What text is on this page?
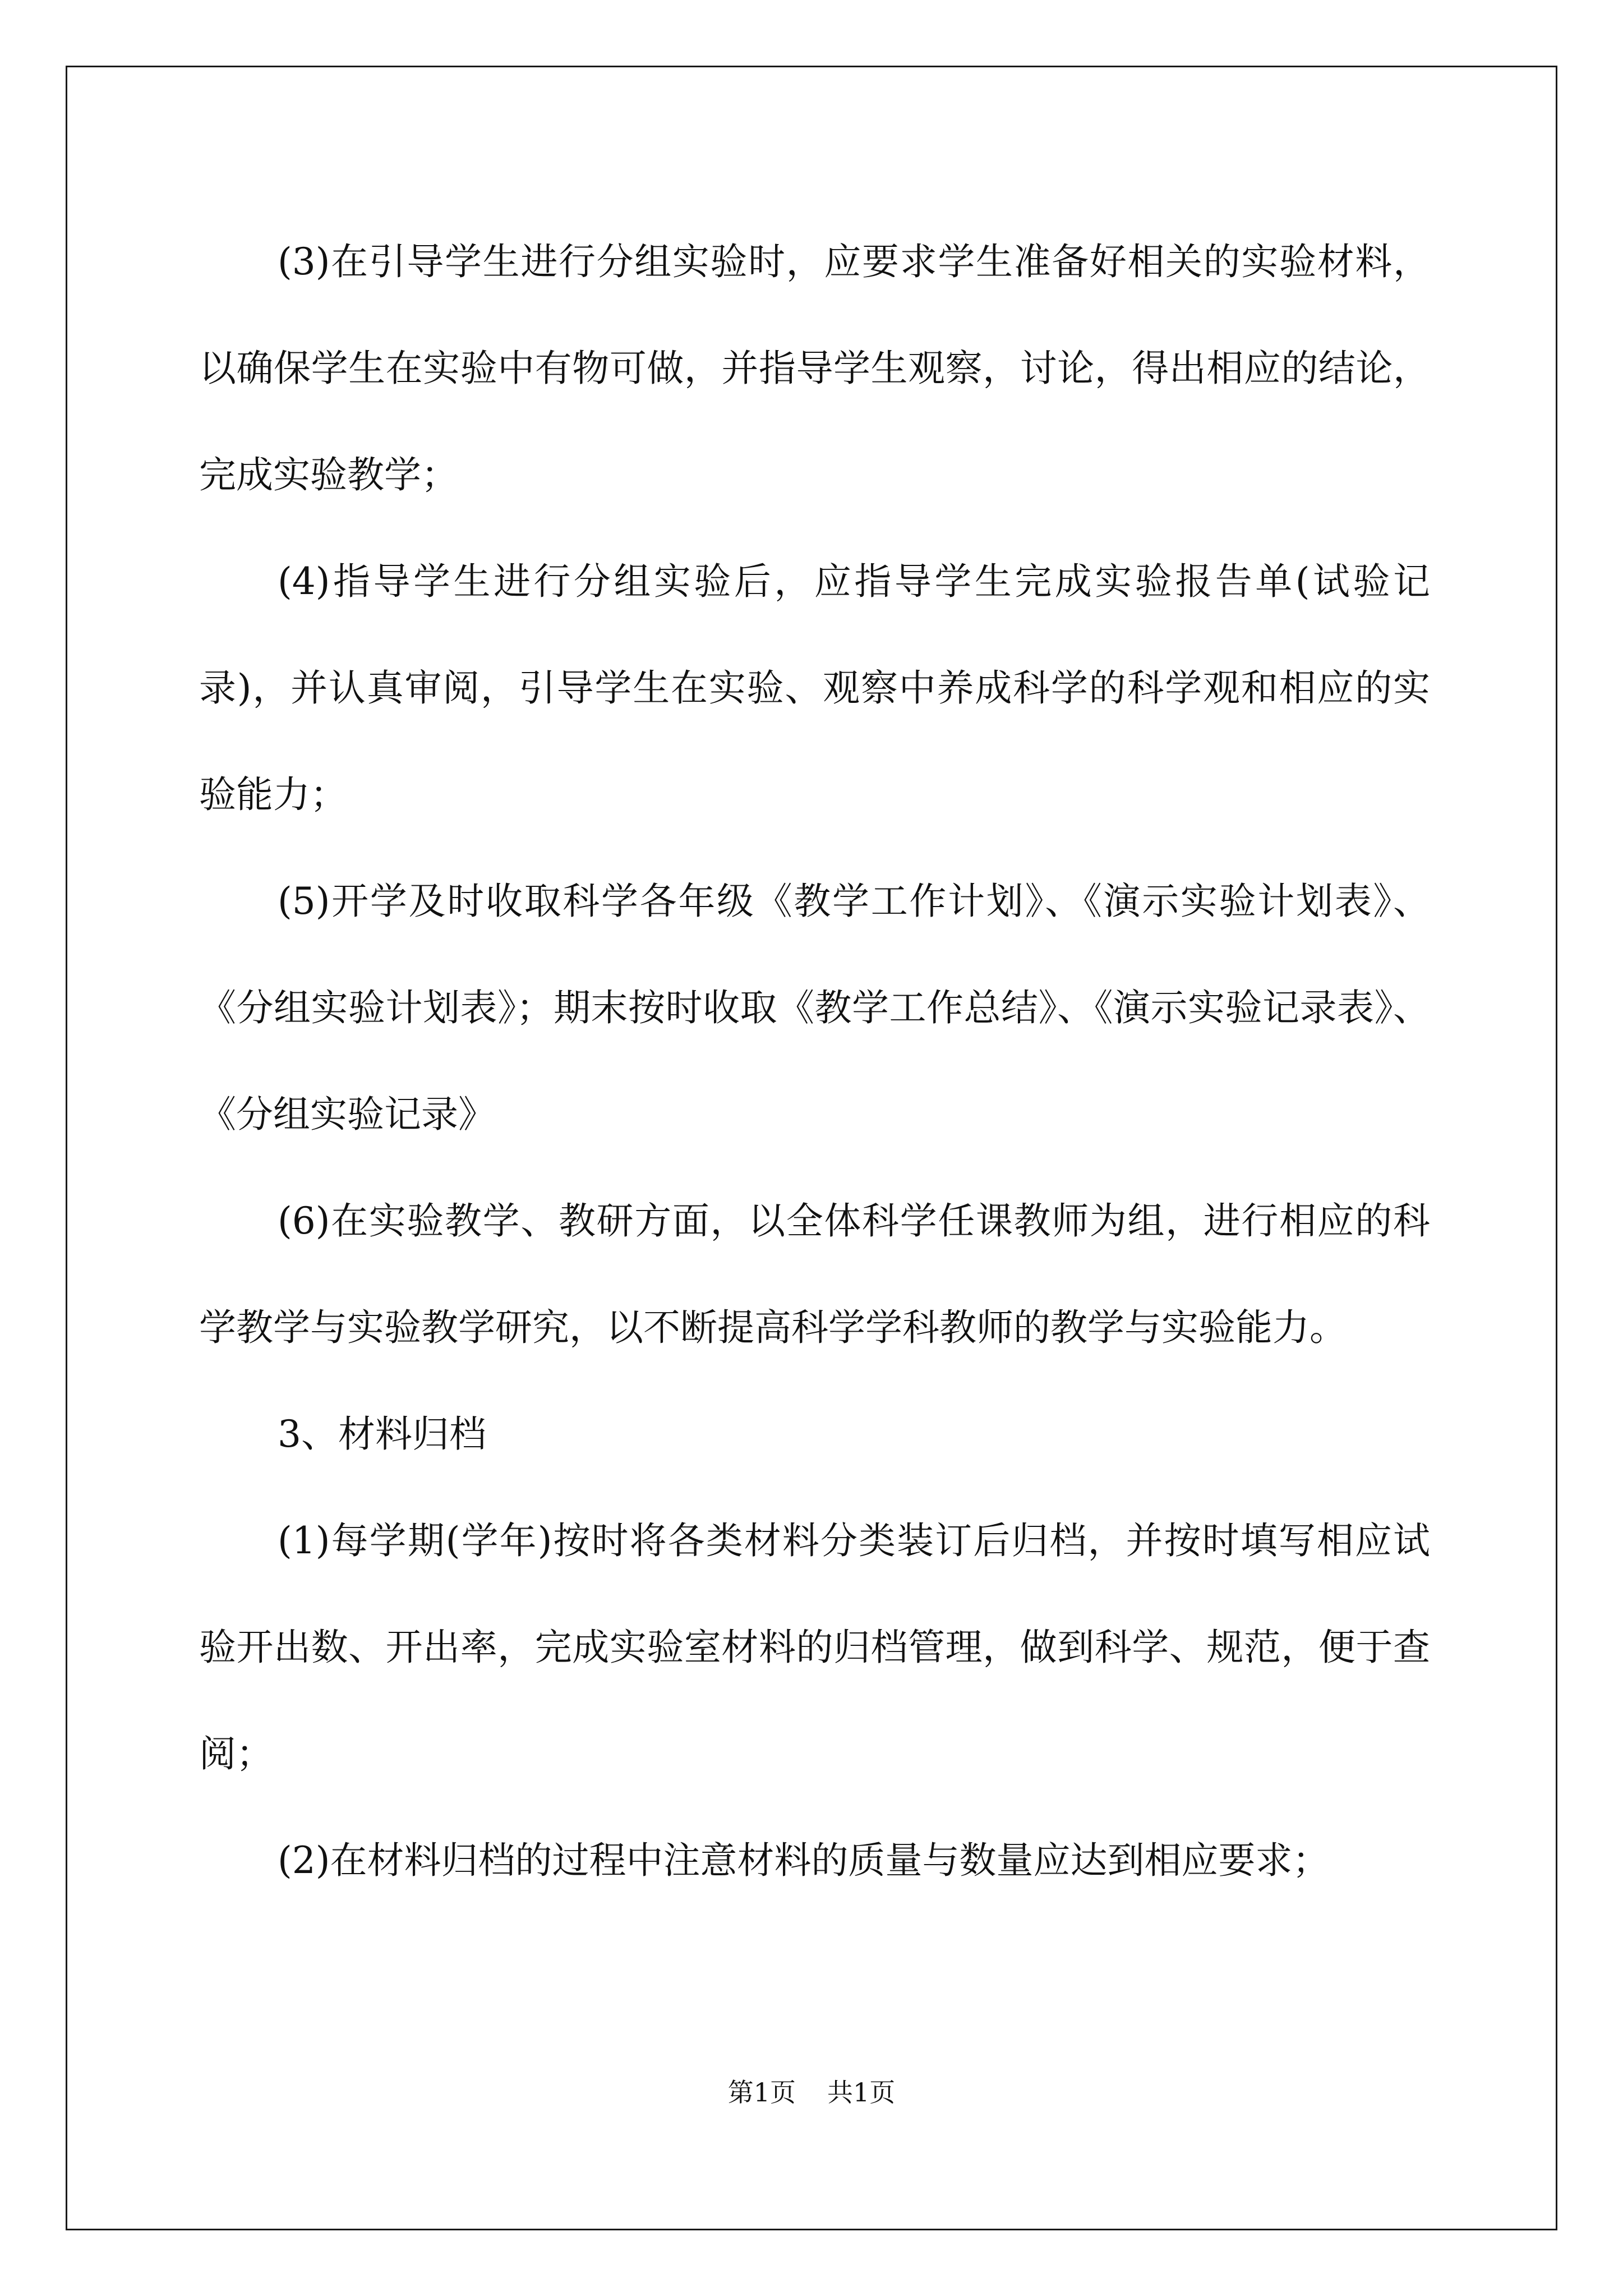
(3)在引导学生进行分组实验时，应要求学生准备好相关的实验材料，以确保学生在实验中有物可做，并指导学生观察，讨论，得出相应的结论，完成实验教学；

(4)指导学生进行分组实验后，应指导学生完成实验报告单(试验记录)，并认真审阅，引导学生在实验、观察中养成科学的科学观和相应的实验能力；

(5)开学及时收取科学各年级《教学工作计划》、《演示实验计划表》、《分组实验计划表》；期末按时收取《教学工作总结》、《演示实验记录表》、《分组实验记录》

(6)在实验教学、教研方面，以全体科学任课教师为组，进行相应的科学教学与实验教学研究，以不断提高科学学科教师的教学与实验能力。

3、材料归档

(1)每学期(学年)按时将各类材料分类装订后归档，并按时填写相应试验开出数、开出率，完成实验室材料的归档管理，做到科学、规范，便于查阅；

(2)在材料归档的过程中注意材料的质量与数量应达到相应要求；

第1页 共1页
